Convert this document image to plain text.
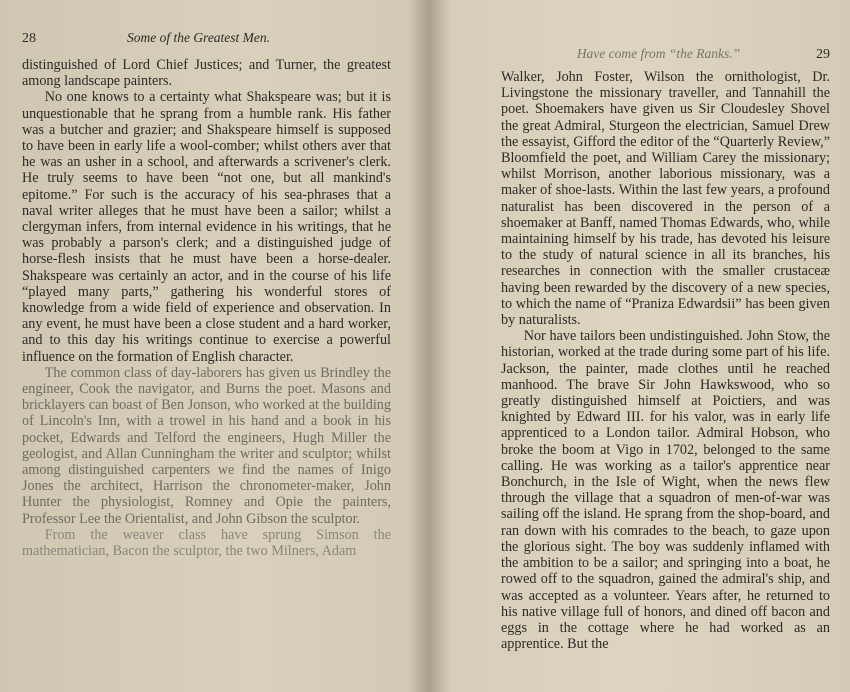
28	Some of the Greatest Men.

distinguished of Lord Chief Justices; and Turner, the greatest among landscape painters.

No one knows to a certainty what Shakspeare was; but it is unquestionable that he sprang from a humble rank. His father was a butcher and grazier; and Shakspeare himself is supposed to have been in early life a wool-comber; whilst others aver that he was an usher in a school, and afterwards a scrivener's clerk. He truly seems to have been “not one, but all mankind's epitome.” For such is the accuracy of his sea-phrases that a naval writer alleges that he must have been a sailor; whilst a clergyman infers, from internal evidence in his writings, that he was probably a parson's clerk; and a distinguished judge of horse-flesh insists that he must have been a horse-dealer. Shakspeare was certainly an actor, and in the course of his life “played many parts,” gathering his wonderful stores of knowledge from a wide field of experience and observation. In any event, he must have been a close student and a hard worker, and to this day his writings continue to exercise a powerful influence on the formation of English character.

The common class of day-laborers has given us Brindley the engineer, Cook the navigator, and Burns the poet. Masons and bricklayers can boast of Ben Jonson, who worked at the building of Lincoln's Inn, with a trowel in his hand and a book in his pocket, Edwards and Telford the engineers, Hugh Miller the geologist, and Allan Cunningham the writer and sculptor; whilst among distinguished carpenters we find the names of Inigo Jones the architect, Harrison the chronometer-maker, John Hunter the physiologist, Romney and Opie the painters, Professor Lee the Orientalist, and John Gibson the sculptor.

From the weaver class have sprung Simson the mathematician, Bacon the sculptor, the two Milners, Adam

Have come from “the Ranks.”	29

Walker, John Foster, Wilson the ornithologist, Dr. Livingstone the missionary traveller, and Tannahill the poet. Shoemakers have given us Sir Cloudesley Shovel the great Admiral, Sturgeon the electrician, Samuel Drew the essayist, Gifford the editor of the “Quarterly Review,” Bloomfield the poet, and William Carey the missionary; whilst Morrison, another laborious missionary, was a maker of shoe-lasts. Within the last few years, a profound naturalist has been discovered in the person of a shoemaker at Banff, named Thomas Edwards, who, while maintaining himself by his trade, has devoted his leisure to the study of natural science in all its branches, his researches in connection with the smaller crustaceæ having been rewarded by the discovery of a new species, to which the name of “Praniza Edwardsii” has been given by naturalists.

Nor have tailors been undistinguished. John Stow, the historian, worked at the trade during some part of his life. Jackson, the painter, made clothes until he reached manhood. The brave Sir John Hawkswood, who so greatly distinguished himself at Poictiers, and was knighted by Edward III. for his valor, was in early life apprenticed to a London tailor. Admiral Hobson, who broke the boom at Vigo in 1702, belonged to the same calling. He was working as a tailor's apprentice near Bonchurch, in the Isle of Wight, when the news flew through the village that a squadron of men-of-war was sailing off the island. He sprang from the shop-board, and ran down with his comrades to the beach, to gaze upon the glorious sight. The boy was suddenly inflamed with the ambition to be a sailor; and springing into a boat, he rowed off to the squadron, gained the admiral's ship, and was accepted as a volunteer. Years after, he returned to his native village full of honors, and dined off bacon and eggs in the cottage where he had worked as an apprentice. But the
